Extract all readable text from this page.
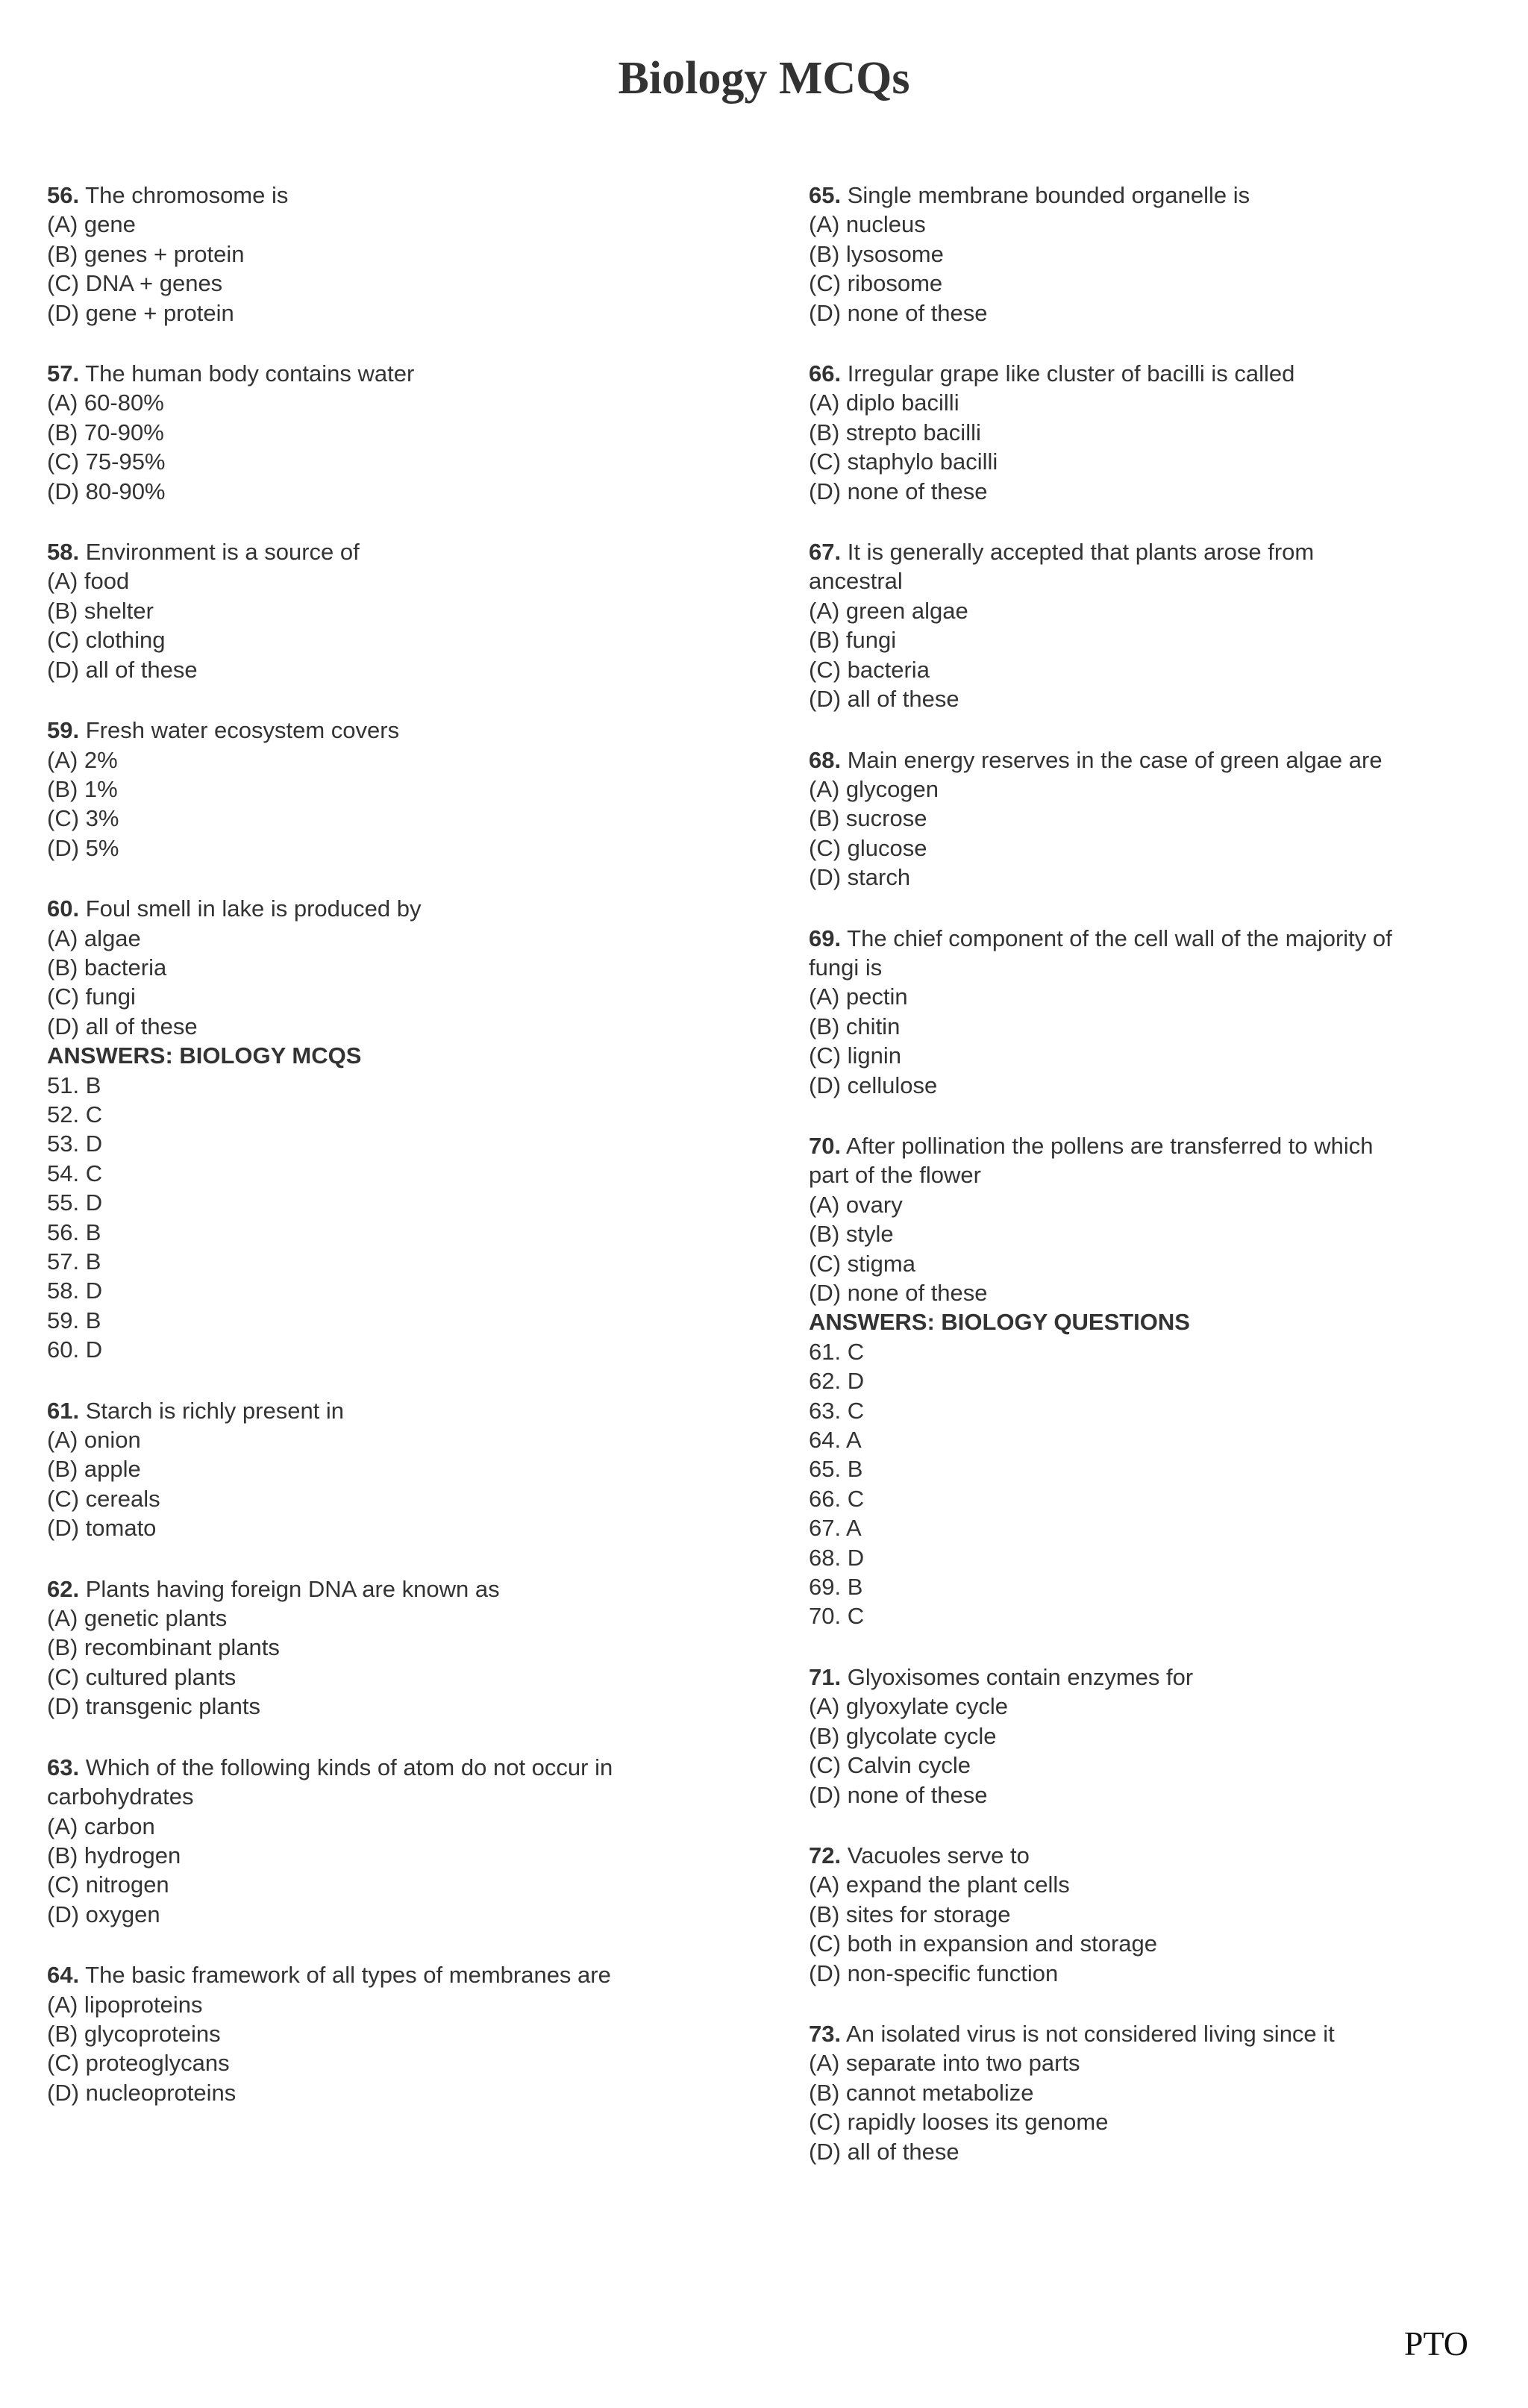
Biology MCQs
56. The chromosome is
(A) gene
(B) genes + protein
(C) DNA + genes
(D) gene + protein
57. The human body contains water
(A) 60-80%
(B) 70-90%
(C) 75-95%
(D) 80-90%
58. Environment is a source of
(A) food
(B) shelter
(C) clothing
(D) all of these
59. Fresh water ecosystem covers
(A) 2%
(B) 1%
(C) 3%
(D) 5%
60. Foul smell in lake is produced by
(A) algae
(B) bacteria
(C) fungi
(D) all of these
ANSWERS: BIOLOGY MCQS
51. B
52. C
53. D
54. C
55. D
56. B
57. B
58. D
59. B
60. D
61. Starch is richly present in
(A) onion
(B) apple
(C) cereals
(D) tomato
62. Plants having foreign DNA are known as
(A) genetic plants
(B) recombinant plants
(C) cultured plants
(D) transgenic plants
63. Which of the following kinds of atom do not occur in
carbohydrates
(A) carbon
(B) hydrogen
(C) nitrogen
(D) oxygen
64. The basic framework of all types of membranes are
(A) lipoproteins
(B) glycoproteins
(C) proteoglycans
(D) nucleoproteins
65. Single membrane bounded organelle is
(A) nucleus
(B) lysosome
(C) ribosome
(D) none of these
66. Irregular grape like cluster of bacilli is called
(A) diplo bacilli
(B) strepto bacilli
(C) staphylo bacilli
(D) none of these
67. It is generally accepted that plants arose from
ancestral
(A) green algae
(B) fungi
(C) bacteria
(D) all of these
68. Main energy reserves in the case of green algae are
(A) glycogen
(B) sucrose
(C) glucose
(D) starch
69. The chief component of the cell wall of the majority of
fungi is
(A) pectin
(B) chitin
(C) lignin
(D) cellulose
70. After pollination the pollens are transferred to which
part of the flower
(A) ovary
(B) style
(C) stigma
(D) none of these
ANSWERS: BIOLOGY QUESTIONS
61. C
62. D
63. C
64. A
65. B
66. C
67. A
68. D
69. B
70. C
71. Glyoxisomes contain enzymes for
(A) glyoxylate cycle
(B) glycolate cycle
(C) Calvin cycle
(D) none of these
72. Vacuoles serve to
(A) expand the plant cells
(B) sites for storage
(C) both in expansion and storage
(D) non-specific function
73. An isolated virus is not considered living since it
(A) separate into two parts
(B) cannot metabolize
(C) rapidly looses its genome
(D) all of these
PTO
